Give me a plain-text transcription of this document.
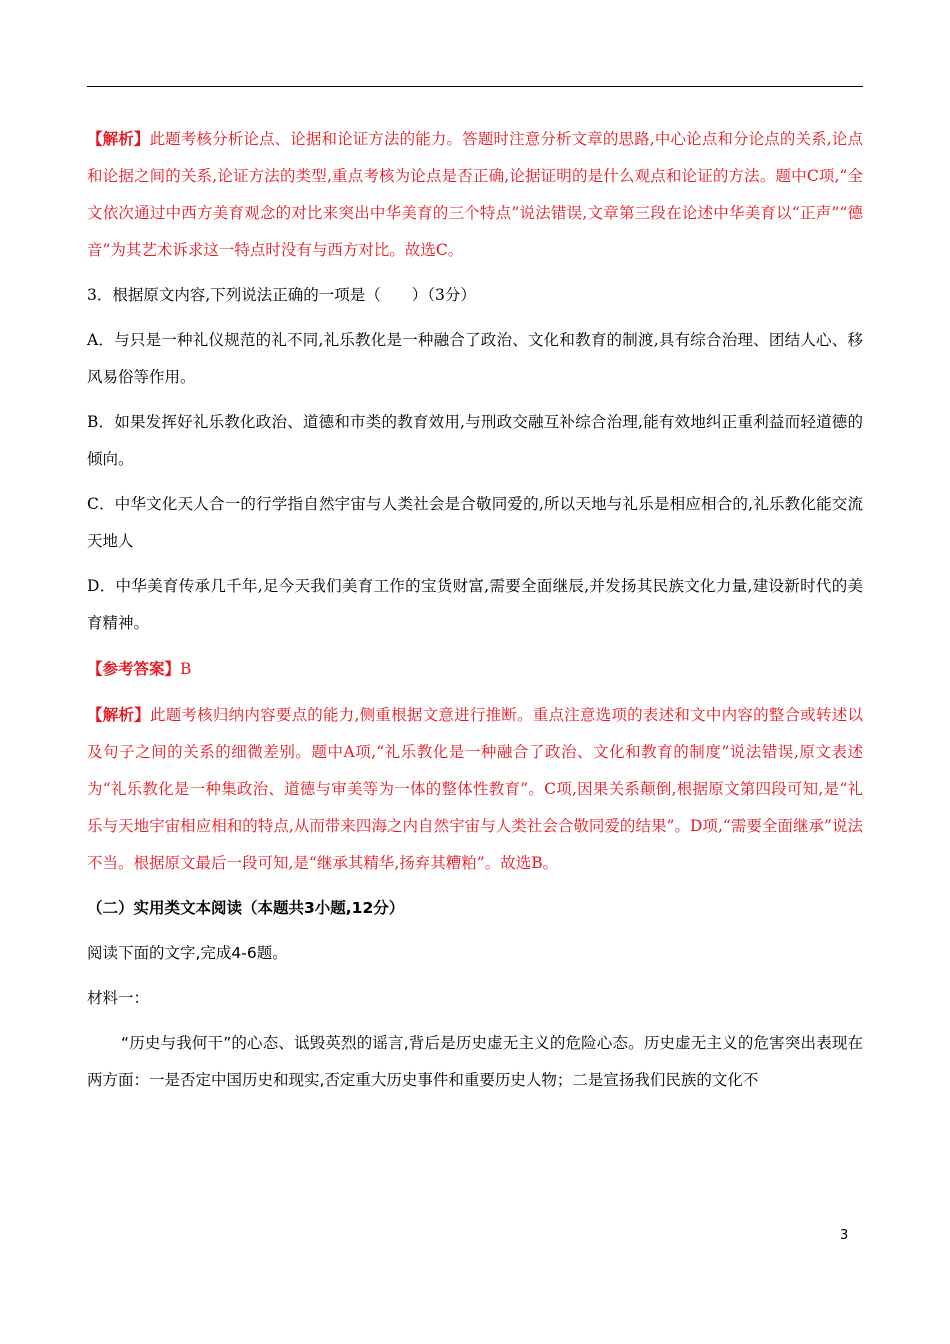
【解析】此题考核分析论点、论据和论证方法的能力。答题时注意分析文章的思路,中心论点和分论点的关系,论点和论据之间的关系,论证方法的类型,重点考核为论点是否正确,论据证明的是什么观点和论证的方法。题中C项,“全文依次通过中西方美育观念的对比来突出中华美育的三个特点”说法错误,文章第三段在论述中华美育以“正声”“德音”为其艺术诉求这一特点时没有与西方对比。故选C。

3．根据原文内容,下列说法正确的一项是（　　）（3分）

A．与只是一种礼仪规范的礼不同,礼乐教化是一种融合了政治、文化和教育的制渡,具有综合治理、团结人心、移风易俗等作用。

B．如果发挥好礼乐教化政治、道德和市类的教育效用,与刑政交融互补综合治理,能有效地纠正重利益而轻道德的倾向。

C．中华文化天人合一的行学指自然宇宙与人类社会是合敬同爱的,所以天地与礼乐是相应相合的,礼乐教化能交流天地人

D．中华美育传承几千年,足今天我们美育工作的宝货财富,需要全面继辰,并发扬其民族文化力量,建设新时代的美育精神。

【参考答案】B

【解析】此题考核归纳内容要点的能力,侧重根据文意进行推断。重点注意选项的表述和文中内容的整合或转述以及句子之间的关系的细微差别。题中A项,“礼乐教化是一种融合了政治、文化和教育的制度”说法错误,原文表述为“礼乐教化是一种集政治、道德与审美等为一体的整体性教育”。C项,因果关系颠倒,根据原文第四段可知,是“礼乐与天地宇宙相应相和的特点,从而带来四海之内自然宇宙与人类社会合敬同爱的结果”。D项,“需要全面继承”说法不当。根据原文最后一段可知,是“继承其精华,扬弃其糟粕”。故选B。

（二）实用类文本阅读（本题共3小题,12分）

阅读下面的文字,完成4-6题。

材料一：

“历史与我何干”的心态、诋毁英烈的谣言,背后是历史虚无主义的危险心态。历史虚无主义的危害突出表现在两方面：一是否定中国历史和现实,否定重大历史事件和重要历史人物；二是宣扬我们民族的文化不

3
